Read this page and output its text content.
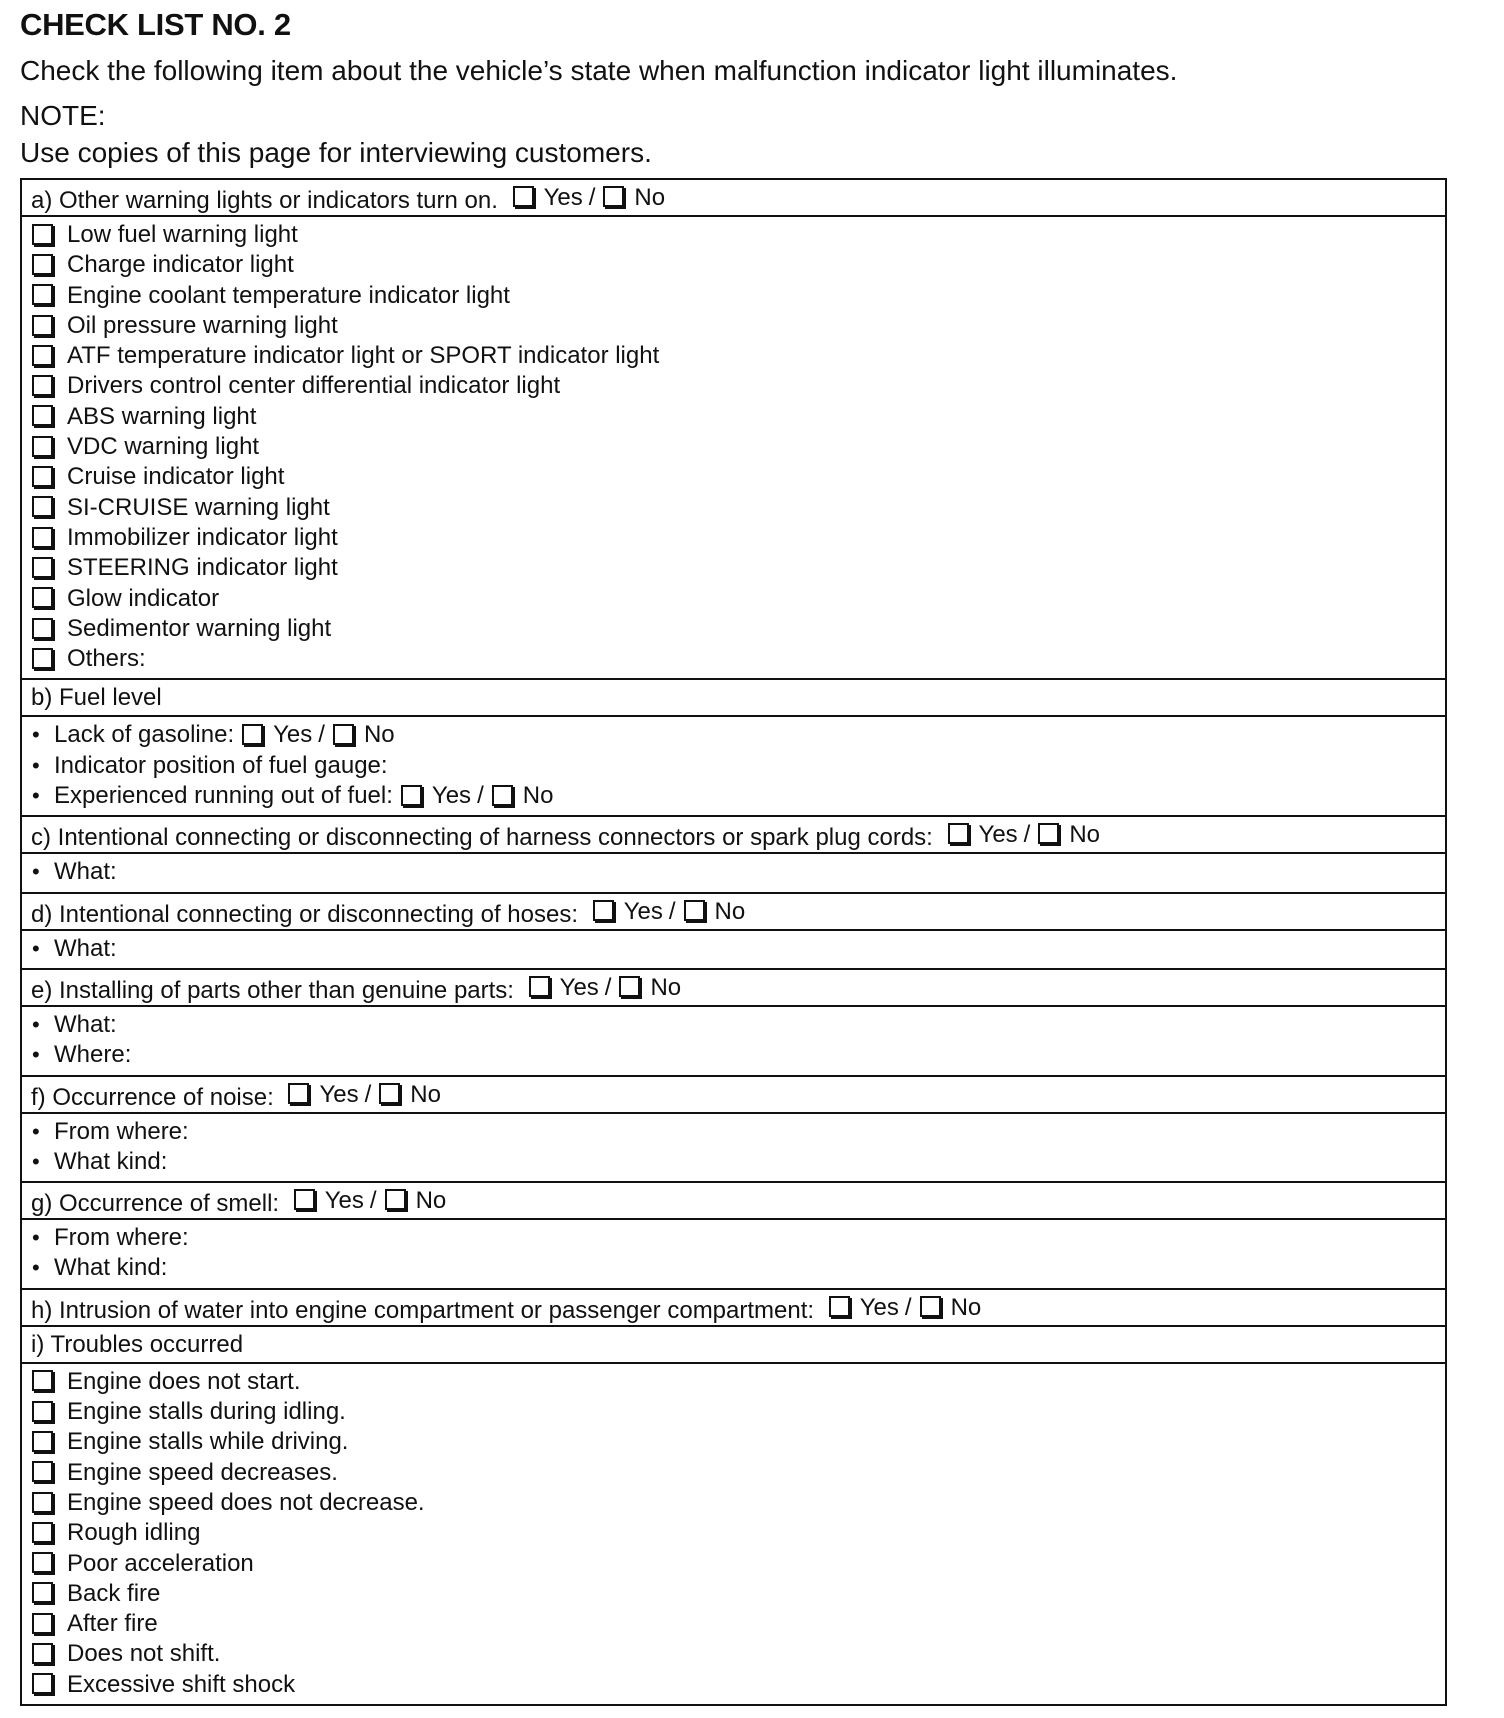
CHECK LIST NO. 2
Check the following item about the vehicle’s state when malfunction indicator light illuminates.
NOTE:
Use copies of this page for interviewing customers.
a) Other warning lights or indicators turn on. Yes / No
Low fuel warning light
Charge indicator light
Engine coolant temperature indicator light
Oil pressure warning light
ATF temperature indicator light or SPORT indicator light
Drivers control center differential indicator light
ABS warning light
VDC warning light
Cruise indicator light
SI-CRUISE warning light
Immobilizer indicator light
STEERING indicator light
Glow indicator
Sedimentor warning light
Others:
b) Fuel level
• Lack of gasoline: Yes / No
• Indicator position of fuel gauge:
• Experienced running out of fuel: Yes / No
c) Intentional connecting or disconnecting of harness connectors or spark plug cords: Yes / No
• What:
d) Intentional connecting or disconnecting of hoses: Yes / No
• What:
e) Installing of parts other than genuine parts: Yes / No
• What:
• Where:
f) Occurrence of noise: Yes / No
• From where:
• What kind:
g) Occurrence of smell: Yes / No
• From where:
• What kind:
h) Intrusion of water into engine compartment or passenger compartment: Yes / No
i) Troubles occurred
Engine does not start.
Engine stalls during idling.
Engine stalls while driving.
Engine speed decreases.
Engine speed does not decrease.
Rough idling
Poor acceleration
Back fire
After fire
Does not shift.
Excessive shift shock
